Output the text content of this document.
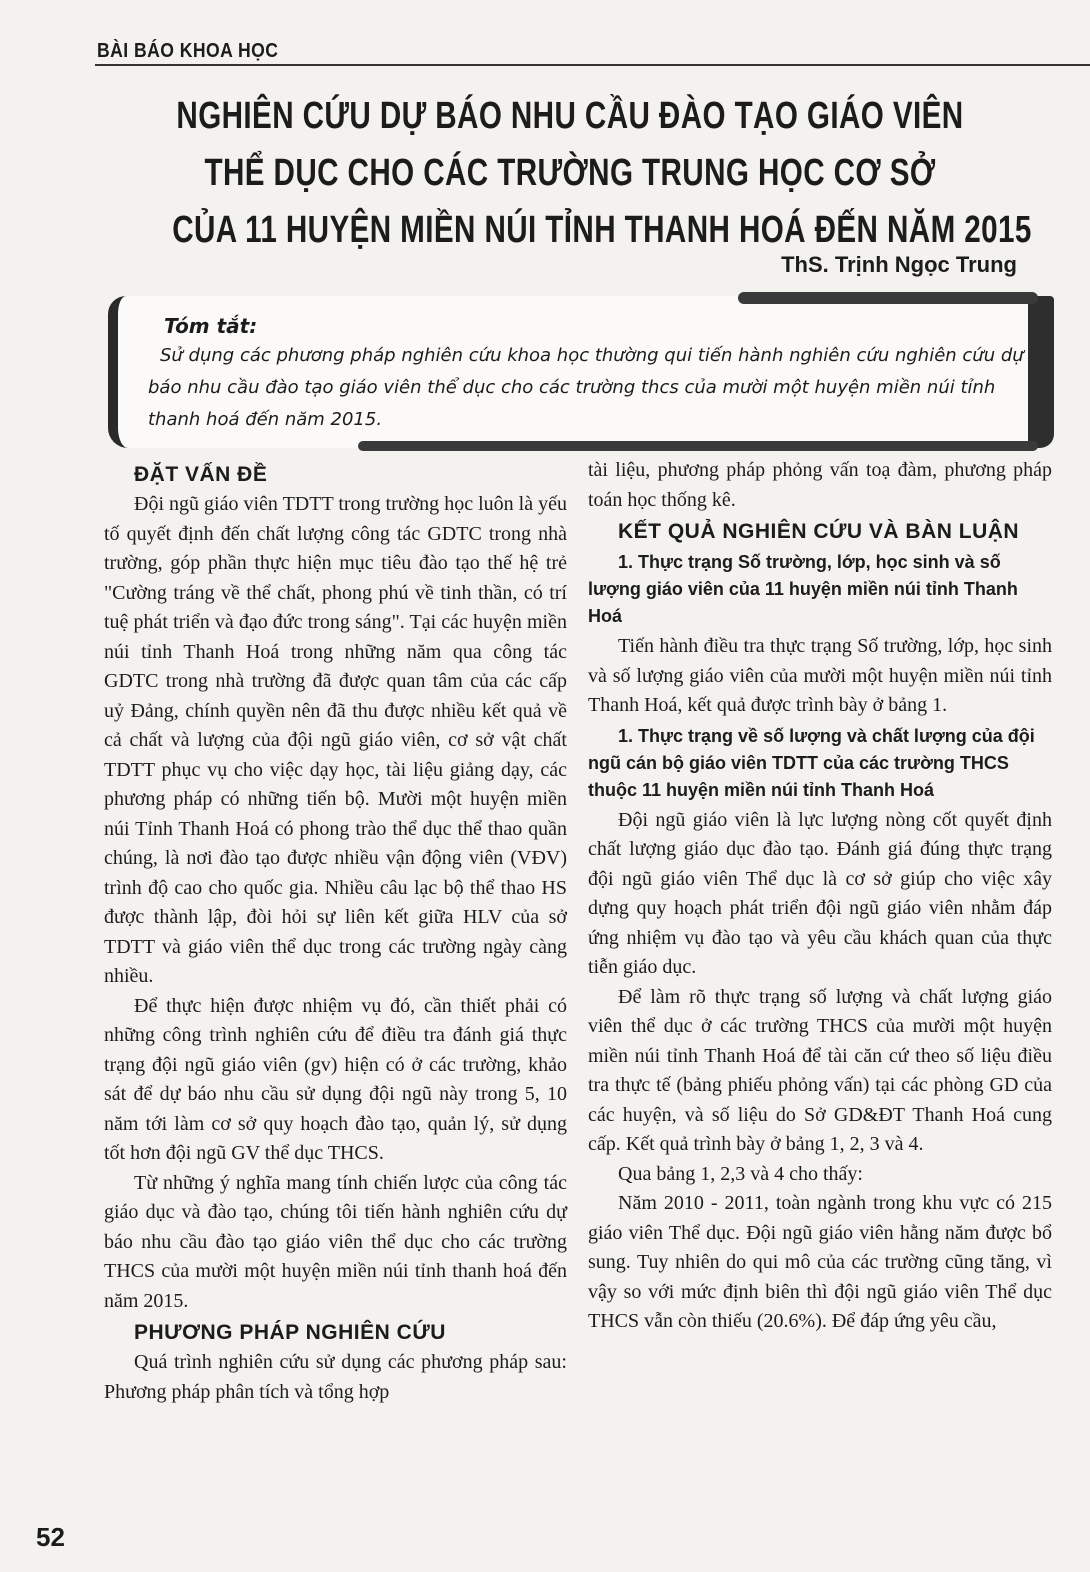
BÀI BÁO KHOA HỌC
NGHIÊN CỨU DỰ BÁO NHU CẦU ĐÀO TẠO GIÁO VIÊN
THỂ DỤC CHO CÁC TRƯỜNG TRUNG HỌC CƠ SỞ
CỦA 11 HUYỆN MIỀN NÚI TỈNH THANH HOÁ ĐẾN NĂM 2015
ThS. Trịnh Ngọc Trung
Tóm tắt:
Sử dụng các phương pháp nghiên cứu khoa học thường qui tiến hành nghiên cứu nghiên cứu dự báo nhu cầu đào tạo giáo viên thể dục cho các trường thcs của mười một huyện miền núi tỉnh thanh hoá đến năm 2015.
ĐẶT VẤN ĐỀ

Đội ngũ giáo viên TDTT trong trường học luôn là yếu tố quyết định đến chất lượng công tác GDTC trong nhà trường, góp phần thực hiện mục tiêu đào tạo thế hệ trẻ "Cường tráng về thể chất, phong phú về tinh thần, có trí tuệ phát triển và đạo đức trong sáng". Tại các huyện miền núi tỉnh Thanh Hoá trong những năm qua công tác GDTC trong nhà trường đã được quan tâm của các cấp uỷ Đảng, chính quyền nên đã thu được nhiều kết quả về cả chất và lượng của đội ngũ giáo viên, cơ sở vật chất TDTT phục vụ cho việc dạy học, tài liệu giảng dạy, các phương pháp có những tiến bộ. Mười một huyện miền núi Tỉnh Thanh Hoá có phong trào thể dục thể thao quần chúng, là nơi đào tạo được nhiều vận động viên (VĐV) trình độ cao cho quốc gia. Nhiều câu lạc bộ thể thao HS được thành lập, đòi hỏi sự liên kết giữa HLV của sở TDTT và giáo viên thể dục trong các trường ngày càng nhiều.

Để thực hiện được nhiệm vụ đó, cần thiết phải có những công trình nghiên cứu để điều tra đánh giá thực trạng đội ngũ giáo viên (gv) hiện có ở các trường, khảo sát để dự báo nhu cầu sử dụng đội ngũ này trong 5, 10 năm tới làm cơ sở quy hoạch đào tạo, quản lý, sử dụng tốt hơn đội ngũ GV thể dục THCS.

Từ những ý nghĩa mang tính chiến lược của công tác giáo dục và đào tạo, chúng tôi tiến hành nghiên cứu dự báo nhu cầu đào tạo giáo viên thể dục cho các trường THCS của mười một huyện miền núi tỉnh thanh hoá đến năm 2015.

PHƯƠNG PHÁP NGHIÊN CỨU

Quá trình nghiên cứu sử dụng các phương pháp sau: Phương pháp phân tích và tổng hợp

tài liệu, phương pháp phỏng vấn toạ đàm, phương pháp toán học thống kê.

KẾT QUẢ NGHIÊN CỨU VÀ BÀN LUẬN
1. Thực trạng Số trường, lớp, học sinh và số lượng giáo viên của 11 huyện miền núi tỉnh Thanh Hoá

Tiến hành điều tra thực trạng Số trường, lớp, học sinh và số lượng giáo viên của mười một huyện miền núi tỉnh Thanh Hoá, kết quả được trình bày ở bảng 1.

1. Thực trạng về số lượng và chất lượng của đội ngũ cán bộ giáo viên TDTT của các trường THCS thuộc 11 huyện miền núi tỉnh Thanh Hoá

Đội ngũ giáo viên là lực lượng nòng cốt quyết định chất lượng giáo dục đào tạo. Đánh giá đúng thực trạng đội ngũ giáo viên Thể dục là cơ sở giúp cho việc xây dựng quy hoạch phát triển đội ngũ giáo viên nhằm đáp ứng nhiệm vụ đào tạo và yêu cầu khách quan của thực tiễn giáo dục.

Để làm rõ thực trạng số lượng và chất lượng giáo viên thể dục ở các trường THCS của mười một huyện miền núi tỉnh Thanh Hoá để tài căn cứ theo số liệu điều tra thực tế (bảng phiếu phỏng vấn) tại các phòng GD của các huyện, và số liệu do Sở GD&ĐT Thanh Hoá cung cấp. Kết quả trình bày ở bảng 1, 2, 3 và 4.

Qua bảng 1, 2,3 và 4 cho thấy:

Năm 2010 - 2011, toàn ngành trong khu vực có 215 giáo viên Thể dục. Đội ngũ giáo viên hằng năm được bổ sung. Tuy nhiên do qui mô của các trường cũng tăng, vì vậy so với mức định biên thì đội ngũ giáo viên Thể dục THCS vẫn còn thiếu (20.6%). Để đáp ứng yêu cầu,

52
